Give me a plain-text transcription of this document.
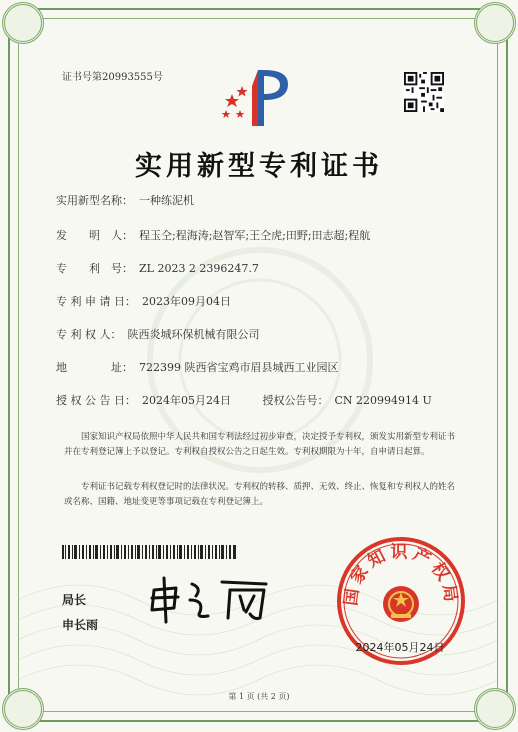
证书号第20993555号
实用新型专利证书
实用新型名称： 一种练泥机
发　　明　人： 程玉仝;程海涛;赵智军;王仝虎;田野;田志超;程航
专　　利　号： ZL 2023 2 2396247.7
专 利 申 请 日： 2023年09月04日
专 利 权 人： 陕西炎城环保机械有限公司
地　　　　址： 722399 陕西省宝鸡市眉县城西工业园区
授 权 公 告 日： 2024年05月24日	授权公告号： CN 220994914 U
国家知识产权局依照中华人民共和国专利法经过初步审查，决定授予专利权，颁发实用新型专利证书并在专利登记簿上予以登记。专利权自授权公告之日起生效。专利权期限为十年，自申请日起算。
专利证书记载专利权登记时的法律状况。专利权的转移、质押、无效、终止、恢复和专利权人的姓名或名称、国籍、地址变更等事项记载在专利登记簿上。
局长
申长雨
国家知识产权局
2024年05月24日
第 1 页 (共 2 页)
